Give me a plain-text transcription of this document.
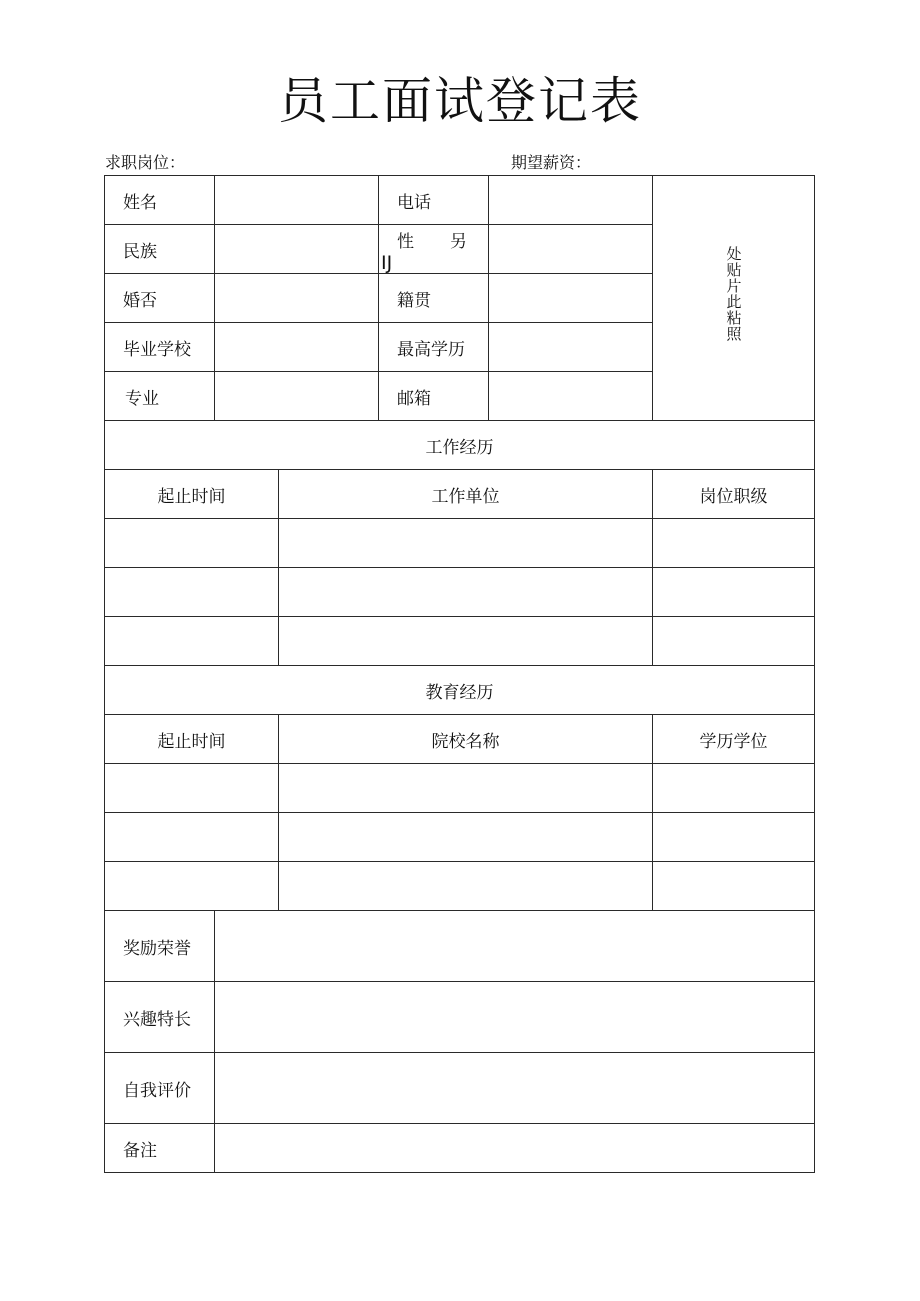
员工面试登记表
求职岗位：	期望薪资：
姓名	电话
民族	性 另
IJ
婚否	籍贯
毕业学校	最高学历
专业	邮箱
处贴片此粘照
工作经历
起止时间	工作单位	岗位职级
教育经历
起止时间	院校名称	学历学位
奖励荣誉
兴趣特长
自我评价
备注
